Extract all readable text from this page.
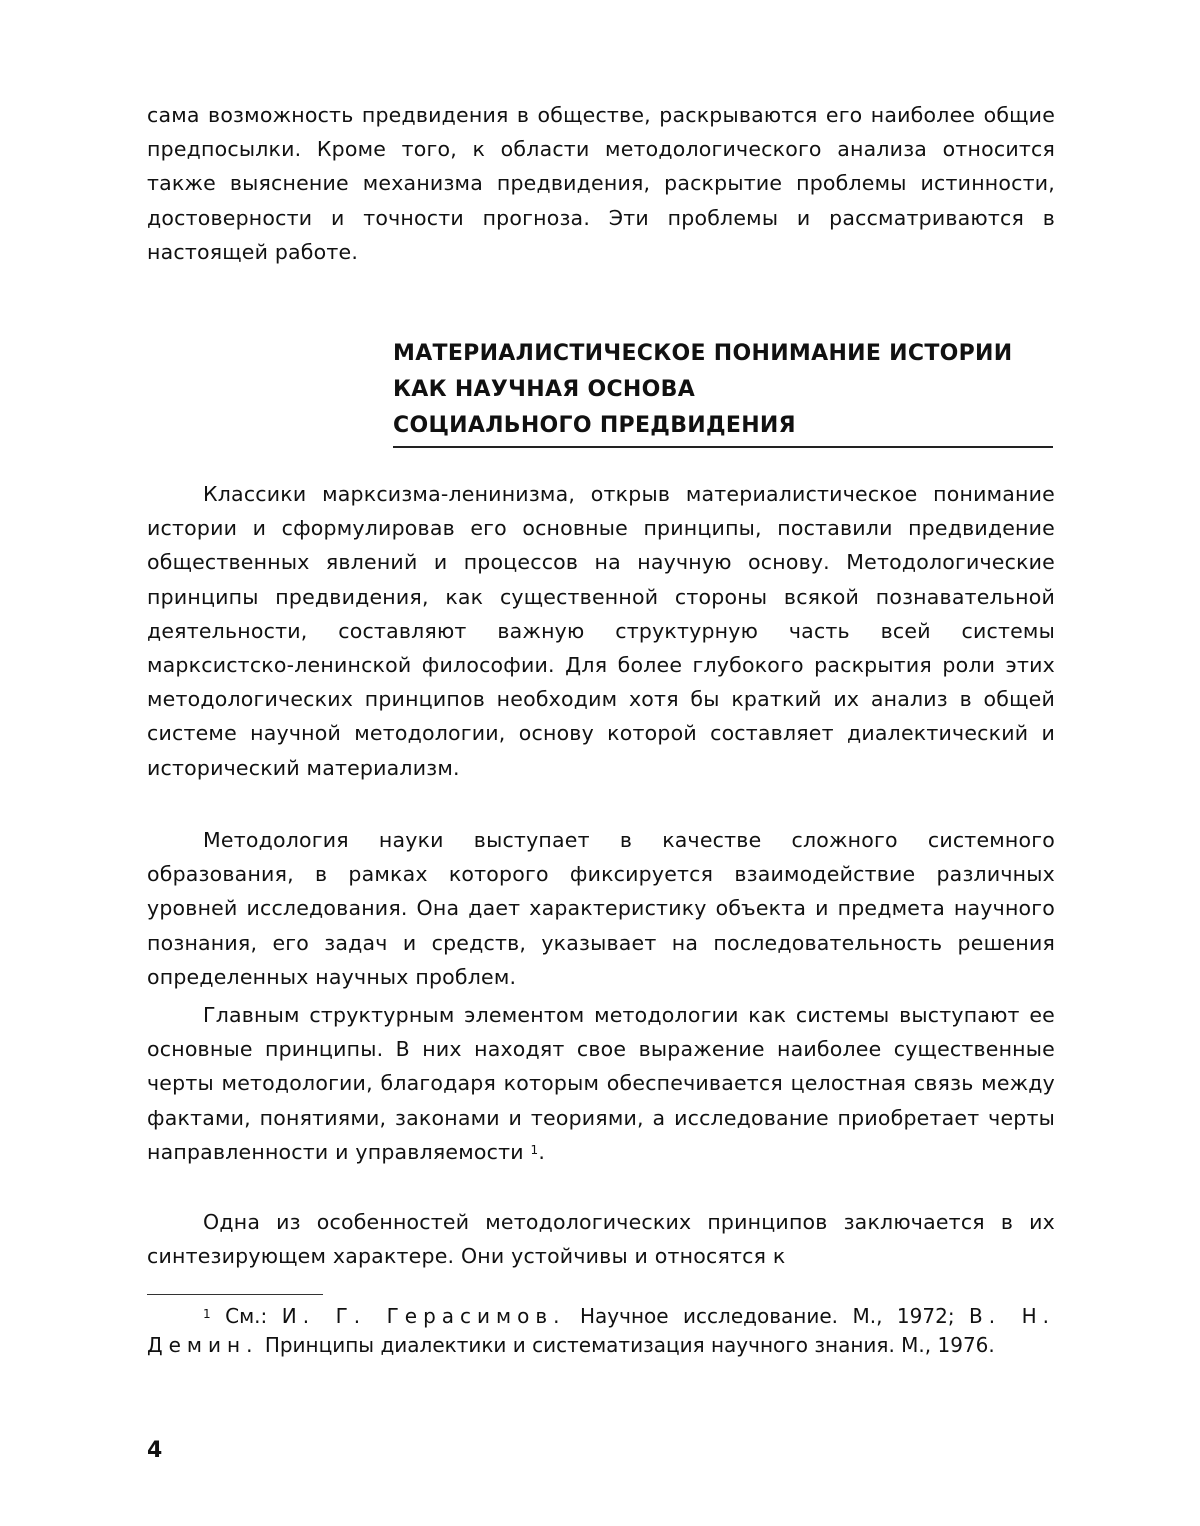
сама возможность предвидения в обществе, раскрываются его наиболее общие предпосылки. Кроме того, к области методологического анализа относится также выяснение механизма предвидения, раскрытие проблемы истинности, достоверности и точности прогноза. Эти проблемы и рассматриваются в настоящей работе.

МАТЕРИАЛИСТИЧЕСКОЕ ПОНИМАНИЕ ИСТОРИИ
КАК НАУЧНАЯ ОСНОВА
СОЦИАЛЬНОГО ПРЕДВИДЕНИЯ

Классики марксизма-ленинизма, открыв материалистическое понимание истории и сформулировав его основные принципы, поставили предвидение общественных явлений и процессов на научную основу. Методологические принципы предвидения, как существенной стороны всякой познавательной деятельности, составляют важную структурную часть всей системы марксистско-ленинской философии. Для более глубокого раскрытия роли этих методологических принципов необходим хотя бы краткий их анализ в общей системе научной методологии, основу которой составляет диалектический и исторический материализм.

Методология науки выступает в качестве сложного системного образования, в рамках которого фиксируется взаимодействие различных уровней исследования. Она дает характеристику объекта и предмета научного познания, его задач и средств, указывает на последовательность решения определенных научных проблем.

Главным структурным элементом методологии как системы выступают ее основные принципы. В них находят свое выражение наиболее существенные черты методологии, благодаря которым обеспечивается целостная связь между фактами, понятиями, законами и теориями, а исследование приобретает черты направленности и управляемости $^1$.

Одна из особенностей методологических принципов заключается в их синтезирующем характере. Они устойчивы и относятся к

$^1$ См.: И. Г. Герасимов. Научное исследование. М., 1972; В. Н. Демин. Принципы диалектики и систематизация научного знания. М., 1976.

4
